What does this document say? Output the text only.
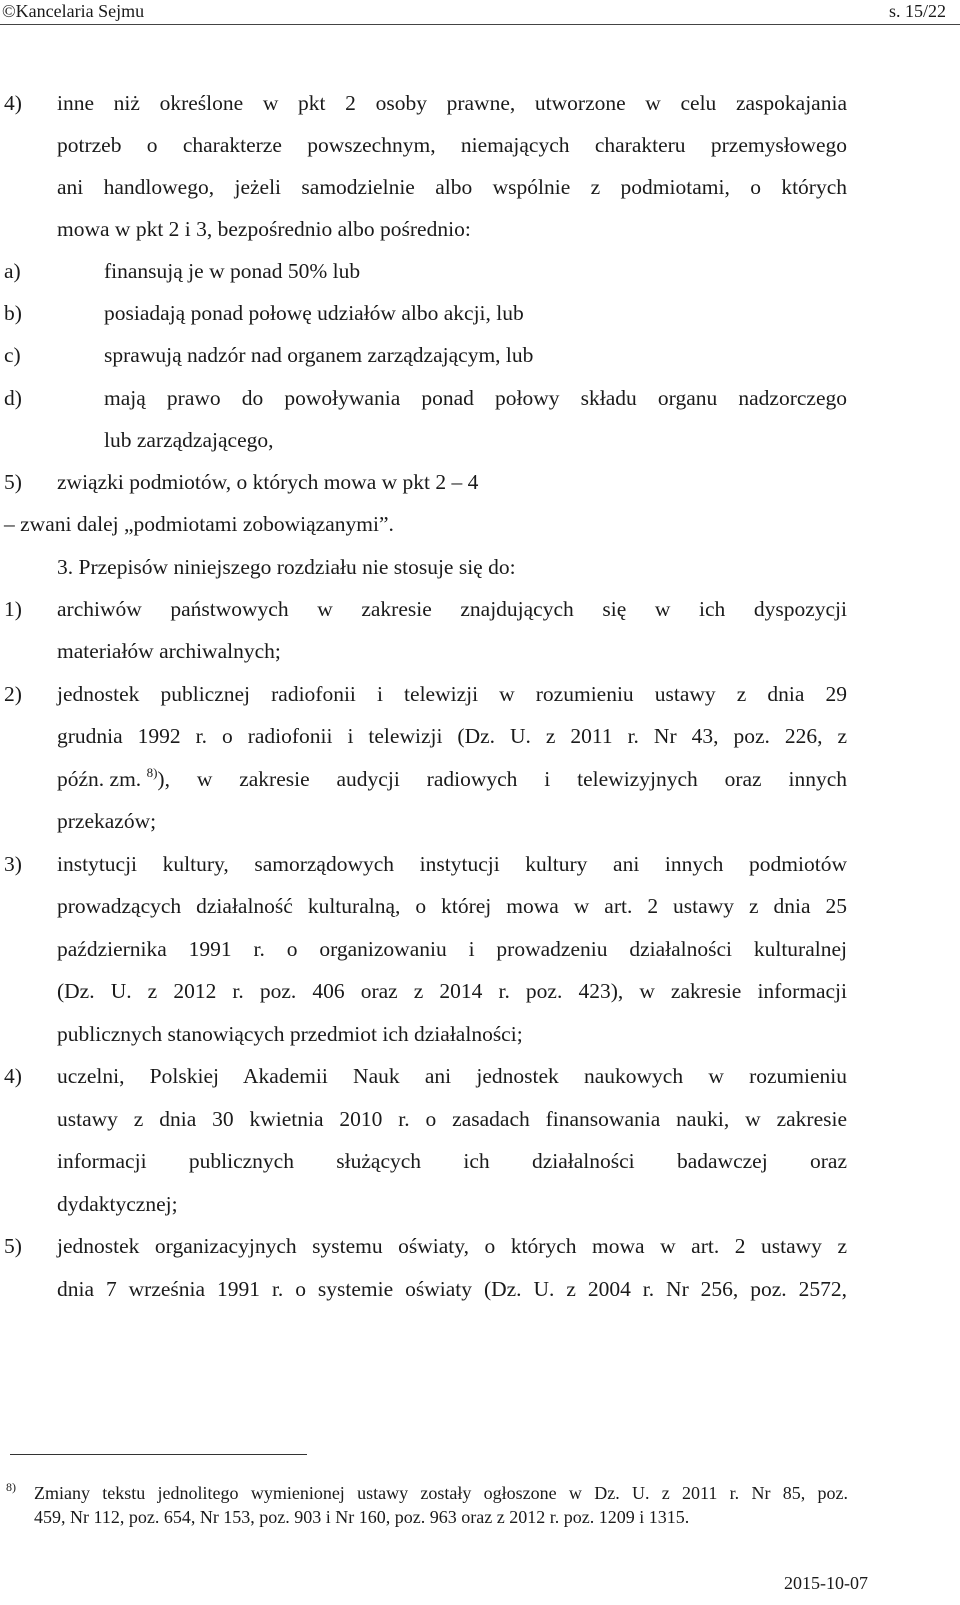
©Kancelaria Sejmu	s. 15/22
4) inne niż określone w pkt 2 osoby prawne, utworzone w celu zaspokajania
potrzeb o charakterze powszechnym, niemających charakteru przemysłowego
ani handlowego, jeżeli samodzielnie albo wspólnie z podmiotami, o których
mowa w pkt 2 i 3, bezpośrednio albo pośrednio:
a)	finansują je w ponad 50% lub
b)	posiadają ponad połowę udziałów albo akcji, lub
c)	sprawują nadzór nad organem zarządzającym, lub
d)	mają prawo do powoływania ponad połowy składu organu nadzorczego
lub zarządzającego,
5) związki podmiotów, o których mowa w pkt 2 – 4
– zwani dalej „podmiotami zobowiązanymi”.
3. Przepisów niniejszego rozdziału nie stosuje się do:
1) archiwów państwowych w zakresie znajdujących się w ich dyspozycji
materiałów archiwalnych;
2) jednostek publicznej radiofonii i telewizji w rozumieniu ustawy z dnia 29
grudnia 1992 r. o radiofonii i telewizji (Dz. U. z 2011 r. Nr 43, poz. 226, z
późn. zm. $^{8)}$ ), w zakresie audycji radiowych i telewizyjnych oraz innych
przekazów;
3) instytucji kultury, samorządowych instytucji kultury ani innych podmiotów
prowadzących działalność kulturalną, o której mowa w art. 2 ustawy z dnia 25
października 1991 r. o organizowaniu i prowadzeniu działalności kulturalnej
(Dz. U. z 2012 r. poz. 406 oraz z 2014 r. poz. 423), w zakresie informacji
publicznych stanowiących przedmiot ich działalności;
4) uczelni, Polskiej Akademii Nauk ani jednostek naukowych w rozumieniu
ustawy z dnia 30 kwietnia 2010 r. o zasadach finansowania nauki, w zakresie
informacji publicznych służących ich działalności badawczej oraz
dydaktycznej;
5) jednostek organizacyjnych systemu oświaty, o których mowa w art. 2 ustawy z
dnia 7 września 1991 r. o systemie oświaty (Dz. U. z 2004 r. Nr 256, poz. 2572,
$^{8)}$ Zmiany tekstu jednolitego wymienionej ustawy zostały ogłoszone w Dz. U. z 2011 r. Nr 85, poz.
459, Nr 112, poz. 654, Nr 153, poz. 903 i Nr 160, poz. 963 oraz z 2012 r. poz. 1209 i 1315.
2015-10-07
